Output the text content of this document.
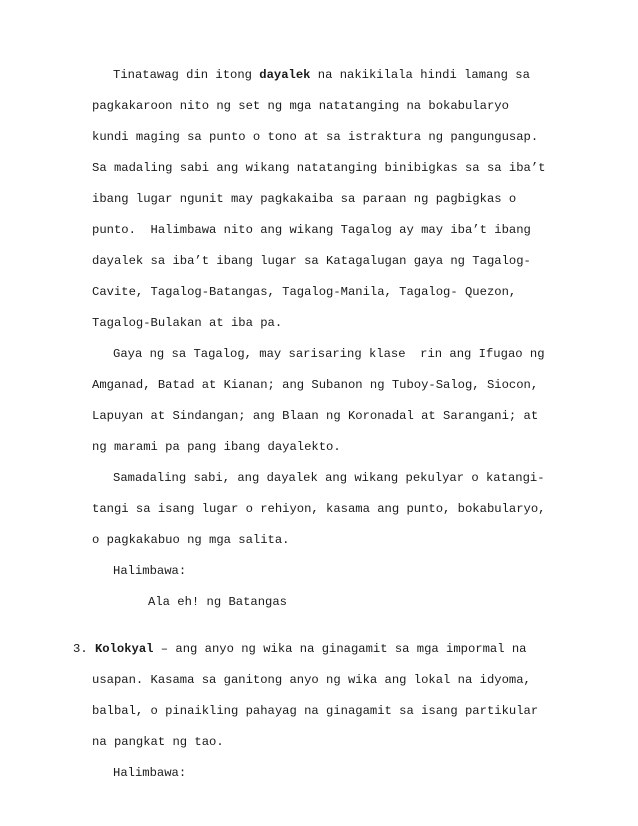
Tinatawag din itong dayalek na nakikilala hindi lamang sa
pagkakaroon nito ng set ng mga natatanging na bokabularyo
kundi maging sa punto o tono at sa istraktura ng pangungusap.
Sa madaling sabi ang wikang natatanging binibigkas sa sa iba’t
ibang lugar ngunit may pagkakaiba sa paraan ng pagbigkas o
punto.  Halimbawa nito ang wikang Tagalog ay may iba’t ibang
dayalek sa iba’t ibang lugar sa Katagalugan gaya ng Tagalog-
Cavite, Tagalog-Batangas, Tagalog-Manila, Tagalog- Quezon,
Tagalog-Bulakan at iba pa.
Gaya ng sa Tagalog, may sarisaring klase  rin ang Ifugao ng
Amganad, Batad at Kianan; ang Subanon ng Tuboy-Salog, Siocon,
Lapuyan at Sindangan; ang Blaan ng Koronadal at Sarangani; at
ng marami pa pang ibang dayalekto.
Samadaling sabi, ang dayalek ang wikang pekulyar o katangi-
tangi sa isang lugar o rehiyon, kasama ang punto, bokabularyo,
o pagkakabuo ng mga salita.
Halimbawa:
Ala eh! ng Batangas
3. Kolokyal – ang anyo ng wika na ginagamit sa mga impormal na
usapan. Kasama sa ganitong anyo ng wika ang lokal na idyoma,
balbal, o pinaikling pahayag na ginagamit sa isang partikular
na pangkat ng tao.
Halimbawa:
